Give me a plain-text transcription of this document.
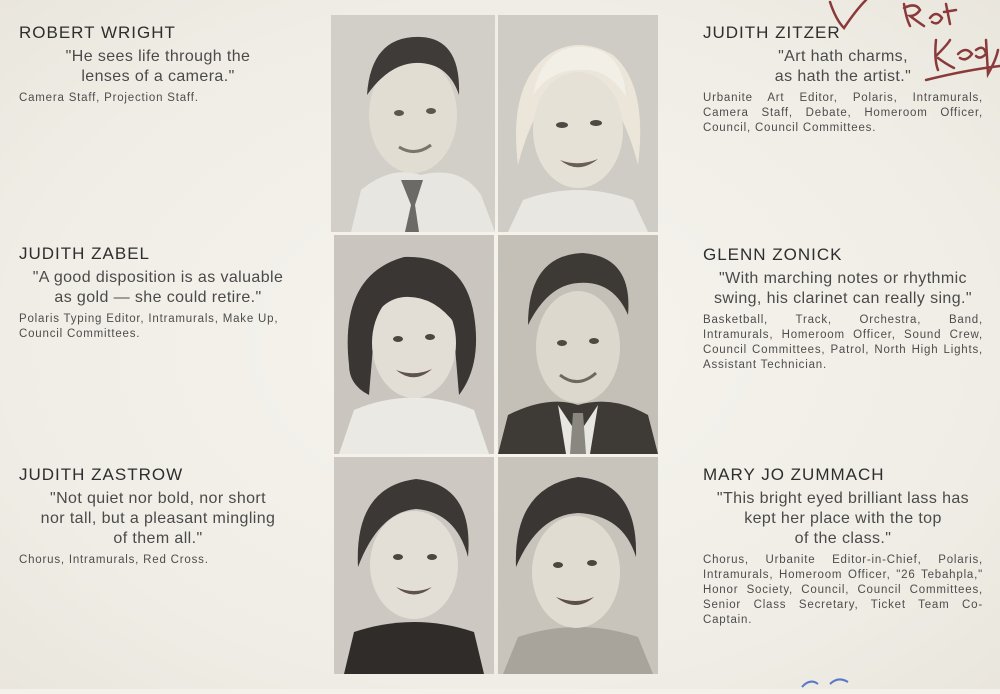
ROBERT WRIGHT
"He sees life through the
lenses of a camera."
Camera Staff, Projection Staff.
JUDITH ZABEL
"A good disposition is as valuable
as gold — she could retire."
Polaris Typing Editor, Intramurals, Make Up, Council Committees.
JUDITH ZASTROW
"Not quiet nor bold, nor short
nor tall, but a pleasant mingling
of them all."
Chorus, Intramurals, Red Cross.
JUDITH ZITZER
"Art hath charms,
as hath the artist."
Urbanite Art Editor, Polaris, Intramurals, Camera Staff, Debate, Homeroom Officer, Council, Council Committees.
GLENN ZONICK
"With marching notes or rhythmic
swing, his clarinet can really sing."
Basketball, Track, Orchestra, Band, Intramurals, Homeroom Officer, Sound Crew, Council Committees, Patrol, North High Lights, Assistant Technician.
MARY JO ZUMMACH
"This bright eyed brilliant lass has
kept her place with the top
of the class."
Chorus, Urbanite Editor-in-Chief, Polaris, Intramurals, Homeroom Officer, "26 Tebahpla," Honor Society, Council, Council Committees, Senior Class Secretary, Ticket Team Co-Captain.
